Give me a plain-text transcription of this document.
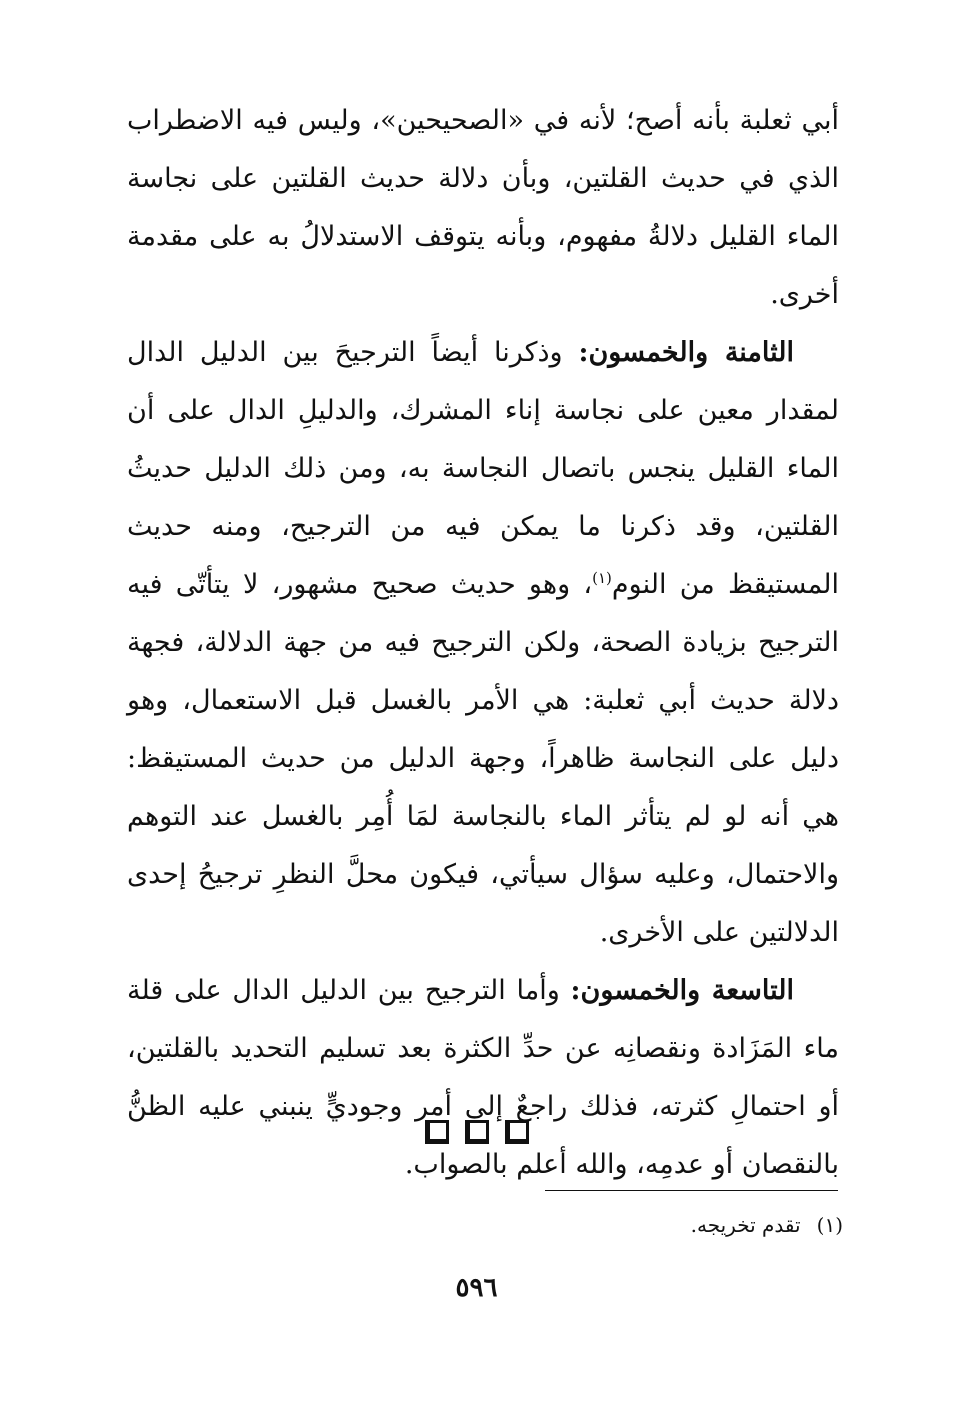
أبي ثعلبة بأنه أصح؛ لأنه في «الصحيحين»، وليس فيه الاضطراب الذي في حديث القلتين، وبأن دلالة حديث القلتين على نجاسة الماء القليل دلالةُ مفهوم، وبأنه يتوقف الاستدلالُ به على مقدمة أخرى.

الثامنة والخمسون: وذكرنا أيضاً الترجيحَ بين الدليل الدال لمقدار معين على نجاسة إناء المشرك، والدليلِ الدال على أن الماء القليل ينجس باتصال النجاسة به، ومن ذلك الدليل حديثُ القلتين، وقد ذكرنا ما يمكن فيه من الترجيح، ومنه حديث المستيقظ من النوم$^{(١)}$، وهو حديث صحيح مشهور، لا يتأتّى فيه الترجيح بزيادة الصحة، ولكن الترجيح فيه من جهة الدلالة، فجهة دلالة حديث أبي ثعلبة: هي الأمر بالغسل قبل الاستعمال، وهو دليل على النجاسة ظاهراً، وجهة الدليل من حديث المستيقظ: هي أنه لو لم يتأثر الماء بالنجاسة لمَا أُمِر بالغسل عند التوهم والاحتمال، وعليه سؤال سيأتي، فيكون محلَّ النظرِ ترجيحُ إحدى الدلالتين على الأخرى.

التاسعة والخمسون: وأما الترجيح بين الدليل الدال على قلة ماء المَزَادة ونقصانِه عن حدِّ الكثرة بعد تسليم التحديد بالقلتين، أو احتمالِ كثرته، فذلك راجعٌ إلى أمر وجوديٍّ ينبني عليه الظنُّ بالنقصان أو عدمِه، والله أعلم بالصواب.

(١)تقدم تخريجه.
٥٩٦
